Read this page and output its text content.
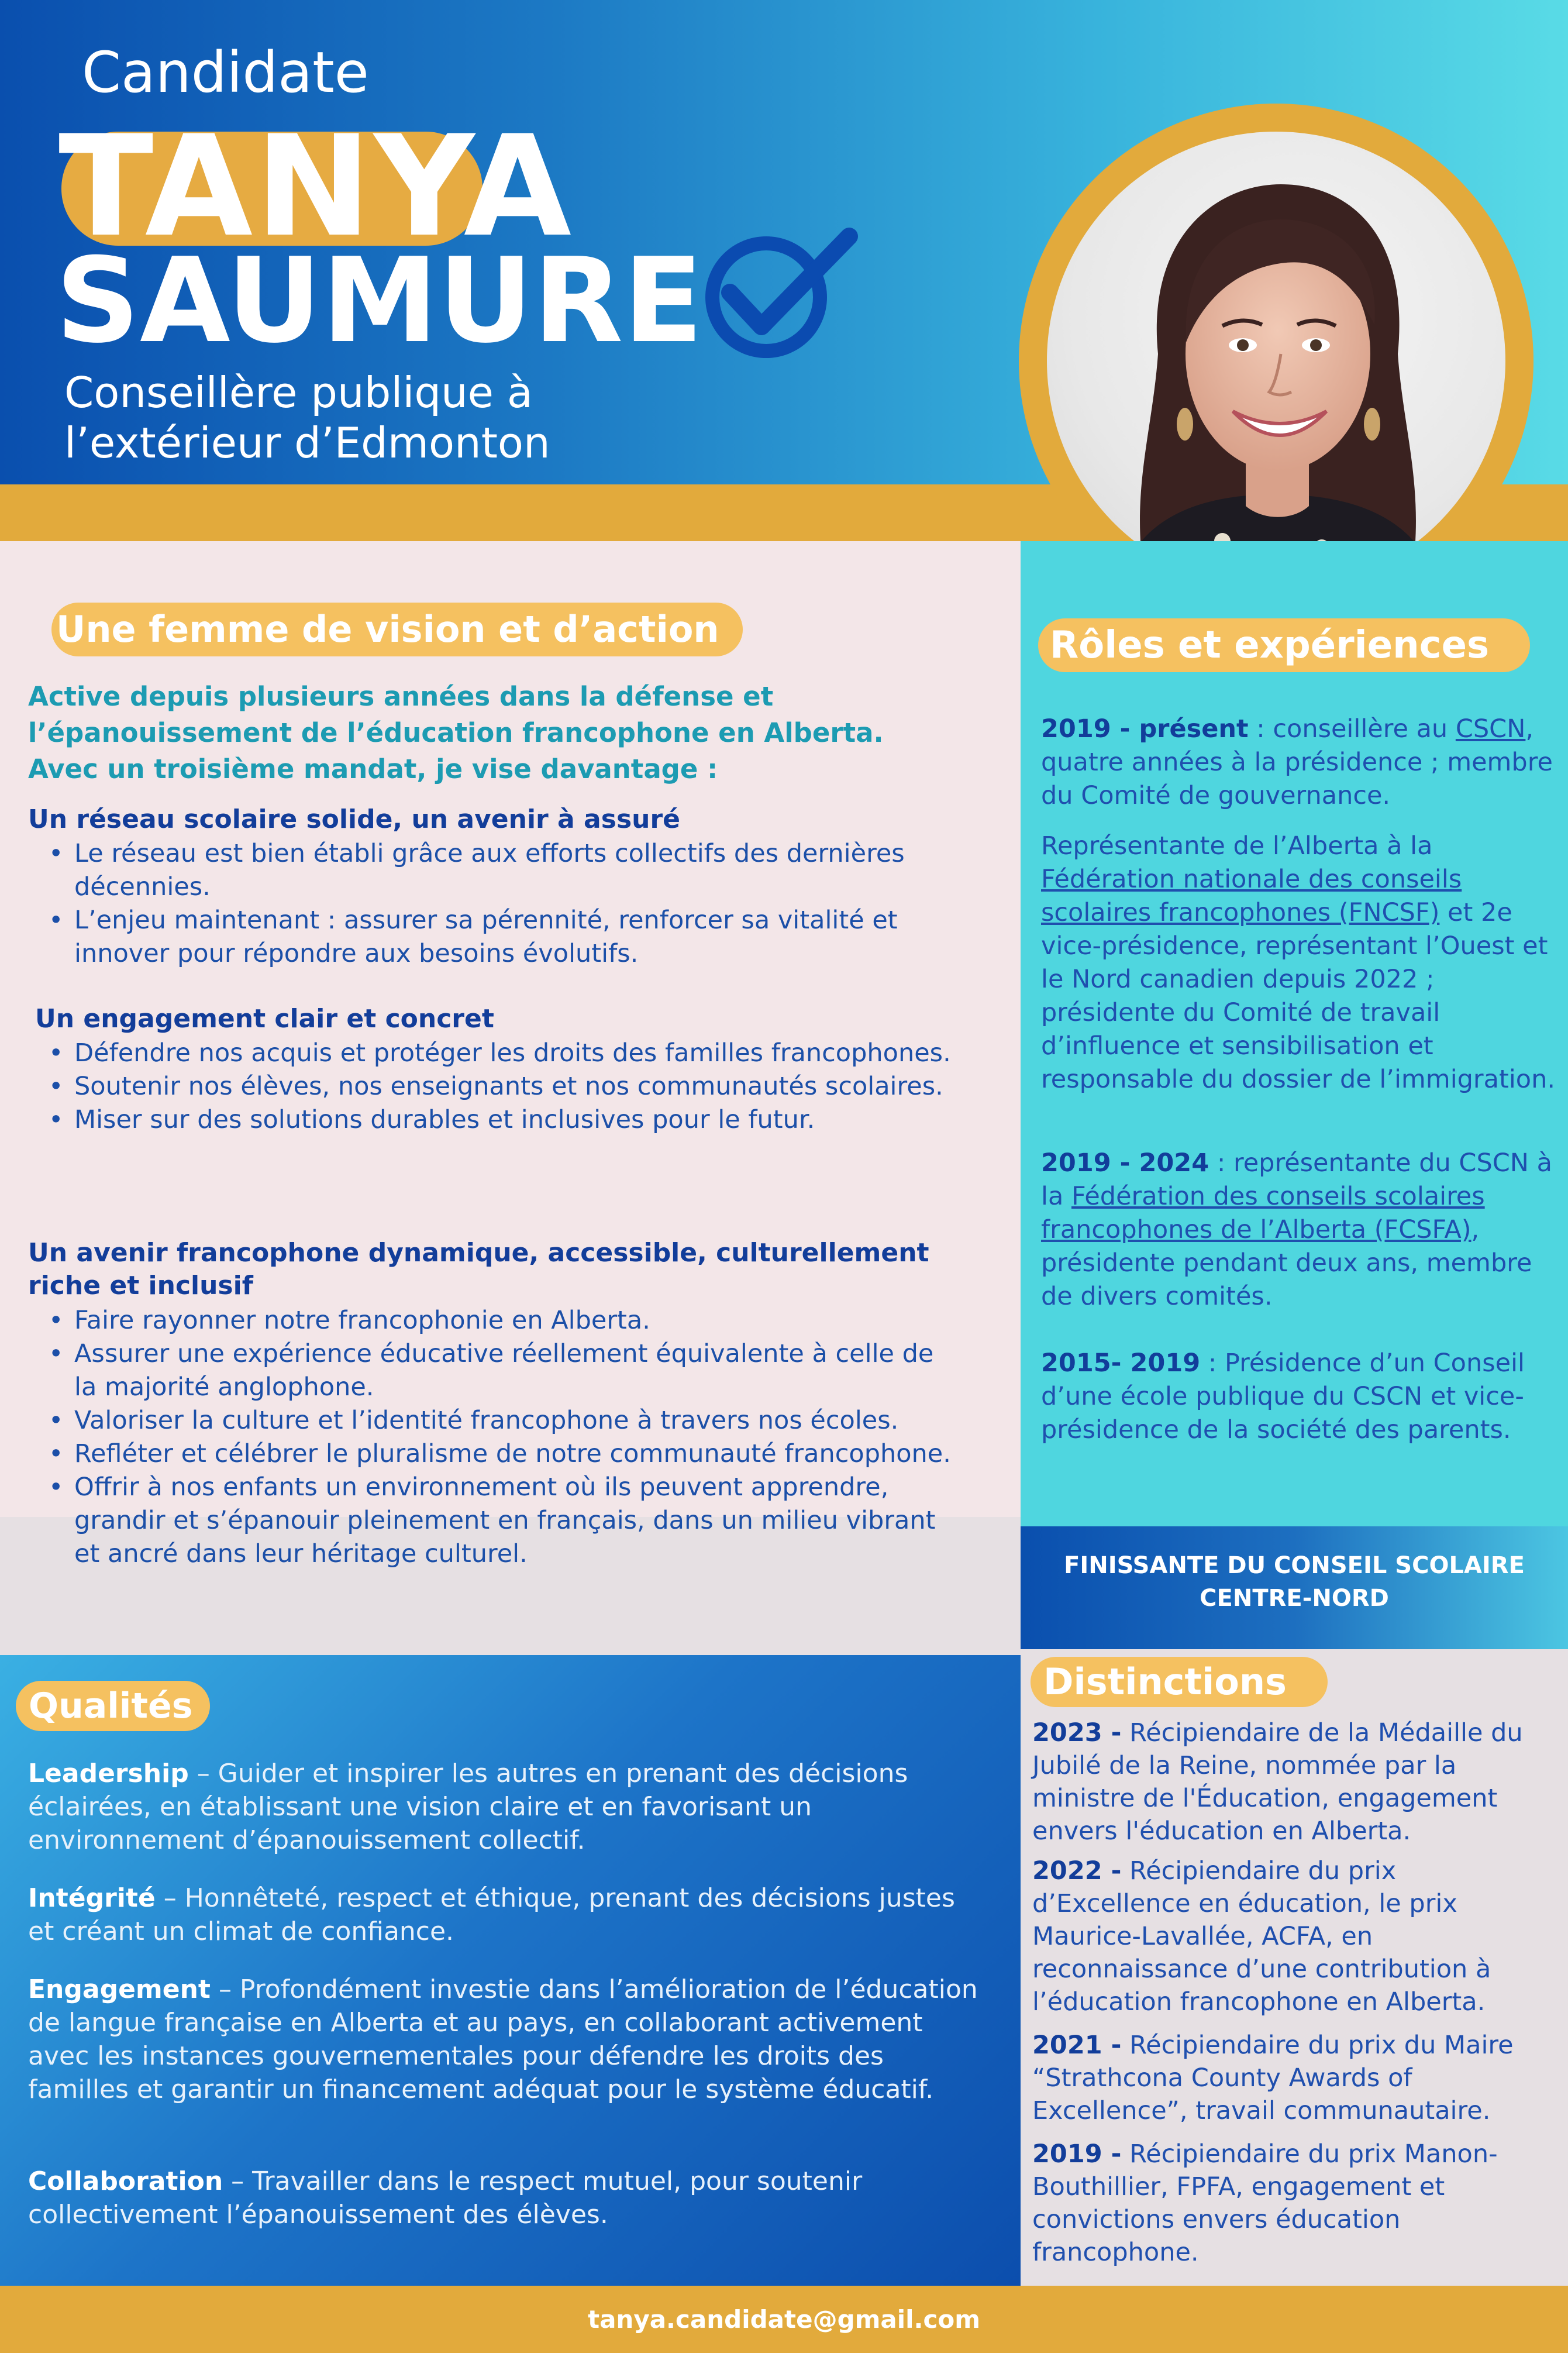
Candidate
TANYA
SAUMURE
Conseillère publique à
l’extérieur d’Edmonton
Une femme de vision et d’action
Active depuis plusieurs années dans la défense et l’épanouissement de l’éducation francophone en Alberta. Avec un troisième mandat, je vise davantage :
Un réseau scolaire solide, un avenir à assuré
• Le réseau est bien établi grâce aux efforts collectifs des dernières décennies.
• L’enjeu maintenant : assurer sa pérennité, renforcer sa vitalité et innover pour répondre aux besoins évolutifs.
Un engagement clair et concret
• Défendre nos acquis et protéger les droits des familles francophones.
• Soutenir nos élèves, nos enseignants et nos communautés scolaires.
• Miser sur des solutions durables et inclusives pour le futur.
Un avenir francophone dynamique, accessible, culturellement riche et inclusif
• Faire rayonner notre francophonie en Alberta.
• Assurer une expérience éducative réellement équivalente à celle de la majorité anglophone.
• Valoriser la culture et l’identité francophone à travers nos écoles.
• Refléter et célébrer le pluralisme de notre communauté francophone.
• Offrir à nos enfants un environnement où ils peuvent apprendre, grandir et s’épanouir pleinement en français, dans un milieu vibrant et ancré dans leur héritage culturel.
Rôles et expériences
2019 - présent : conseillère au CSCN, quatre années à la présidence ; membre du Comité de gouvernance.
Représentante de l’Alberta à la Fédération nationale des conseils scolaires francophones (FNCSF) et 2e vice-présidence, représentant l’Ouest et le Nord canadien depuis 2022 ; présidente du Comité de travail d’influence et sensibilisation et responsable du dossier de l’immigration.
2019 - 2024 : représentante du CSCN à la Fédération des conseils scolaires francophones de l’Alberta (FCSFA), présidente pendant deux ans, membre de divers comités.
2015- 2019 : Présidence d’un Conseil d’une école publique du CSCN et vice-présidence de la société des parents.
FINISSANTE DU CONSEIL SCOLAIRE
CENTRE-NORD
Qualités
Leadership – Guider et inspirer les autres en prenant des décisions éclairées, en établissant une vision claire et en favorisant un environnement d’épanouissement collectif.
Intégrité – Honnêteté, respect et éthique, prenant des décisions justes et créant un climat de confiance.
Engagement – Profondément investie dans l’amélioration de l’éducation de langue française en Alberta et au pays, en collaborant activement avec les instances gouvernementales pour défendre les droits des familles et garantir un financement adéquat pour le système éducatif.
Collaboration – Travailler dans le respect mutuel, pour soutenir collectivement l’épanouissement des élèves.
Distinctions
2023 - Récipiendaire de la Médaille du Jubilé de la Reine, nommée par la ministre de l'Éducation, engagement envers l'éducation en Alberta.
2022 - Récipiendaire du prix d’Excellence en éducation, le prix Maurice-Lavallée, ACFA, en reconnaissance d’une contribution à l’éducation francophone en Alberta.
2021 - Récipiendaire du prix du Maire “Strathcona County Awards of Excellence”, travail communautaire.
2019 - Récipiendaire du prix Manon-Bouthillier, FPFA, engagement et convictions envers éducation francophone.
tanya.candidate@gmail.com
